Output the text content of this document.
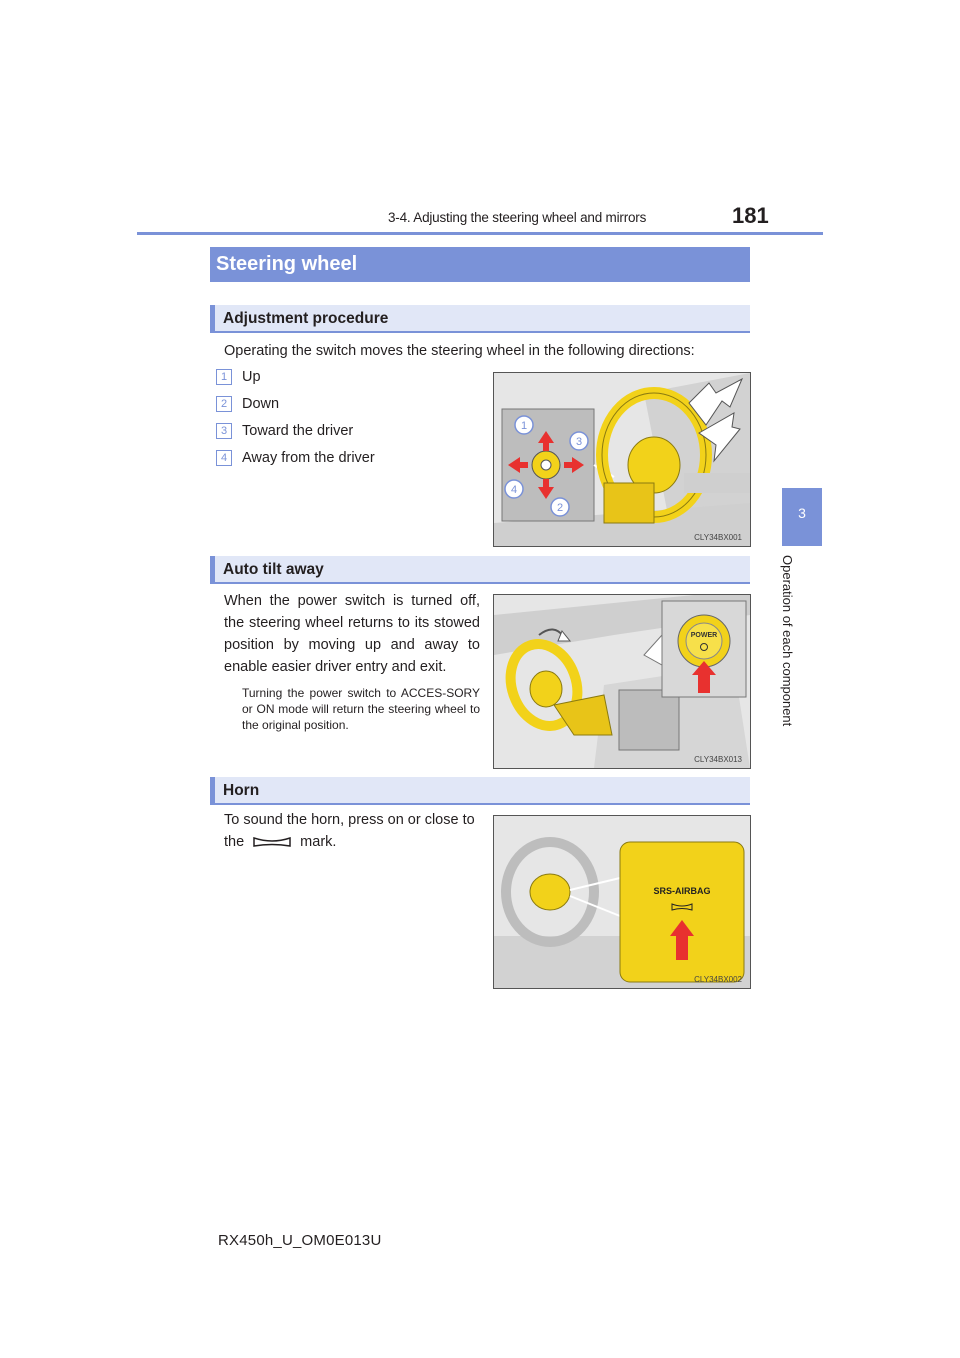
3-4. Adjusting the steering wheel and mirrors	181
3
Operation of each component
Steering wheel
Adjustment procedure
Operating the switch moves the steering wheel in the following directions:
1	Up
2	Down
3	Toward the driver
4	Away from the driver
1
3
4
2
CLY34BX001
Auto tilt away
When the power switch is turned off, the steering wheel returns to its stowed position by moving up and away to enable easier driver entry and exit.
Turning the power switch to ACCES-SORY or ON mode will return the steering wheel to the original position.
POWER
CLY34BX013
Horn
To sound the horn, press on or close to the	mark.
SRS-AIRBAG
CLY34BX002
RX450h_U_OM0E013U
